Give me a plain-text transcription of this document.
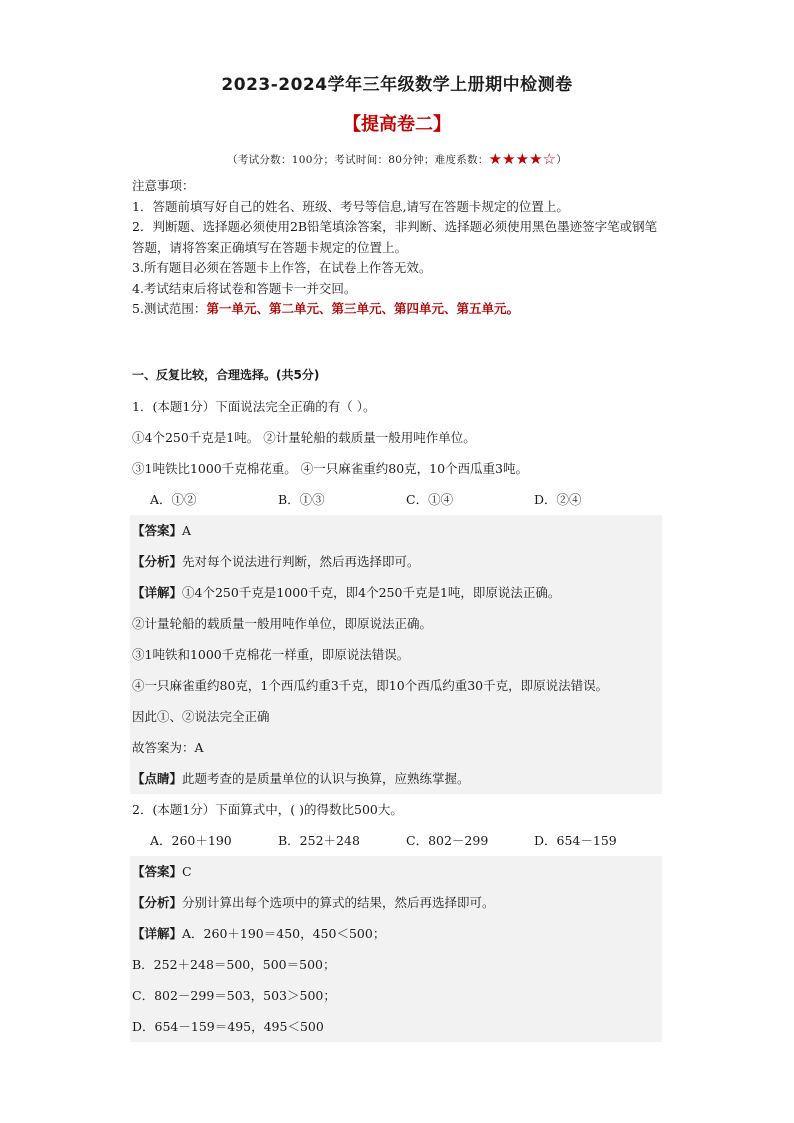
2023-2024学年三年级数学上册期中检测卷
【提高卷二】
（考试分数：100分；考试时间：80分钟；难度系数：★★★★☆）
注意事项：
1．答题前填写好自己的姓名、班级、考号等信息,请写在答题卡规定的位置上。
2．判断题、选择题必须使用2B铅笔填涂答案，非判断、选择题必须使用黑色墨迹签字笔或钢笔答题，请将答案正确填写在答题卡规定的位置上。
3.所有题目必须在答题卡上作答，在试卷上作答无效。
4.考试结束后将试卷和答题卡一并交回。
5.测试范围：第一单元、第二单元、第三单元、第四单元、第五单元。
一、反复比较，合理选择。(共5分)
1．(本题1分）下面说法完全正确的有（ ）。
①4个250千克是1吨。 ②计量轮船的载质量一般用吨作单位。
③1吨铁比1000千克棉花重。 ④一只麻雀重约80克，10个西瓜重3吨。
A．①②	B．①③	C．①④	D．②④
【答案】A
【分析】先对每个说法进行判断，然后再选择即可。
【详解】①4个250千克是1000千克，即4个250千克是1吨，即原说法正确。
②计量轮船的载质量一般用吨作单位，即原说法正确。
③1吨铁和1000千克棉花一样重，即原说法错误。
④一只麻雀重约80克，1个西瓜约重3千克，即10个西瓜约重30千克，即原说法错误。
因此①、②说法完全正确
故答案为：A
【点睛】此题考查的是质量单位的认识与换算，应熟练掌握。
2．(本题1分）下面算式中，( )的得数比500大。
A．260＋190	B．252＋248	C．802－299	D．654－159
【答案】C
【分析】分别计算出每个选项中的算式的结果，然后再选择即可。
【详解】A．260＋190＝450，450＜500；
B．252＋248＝500，500＝500；
C．802－299＝503，503＞500；
D．654－159＝495，495＜500
